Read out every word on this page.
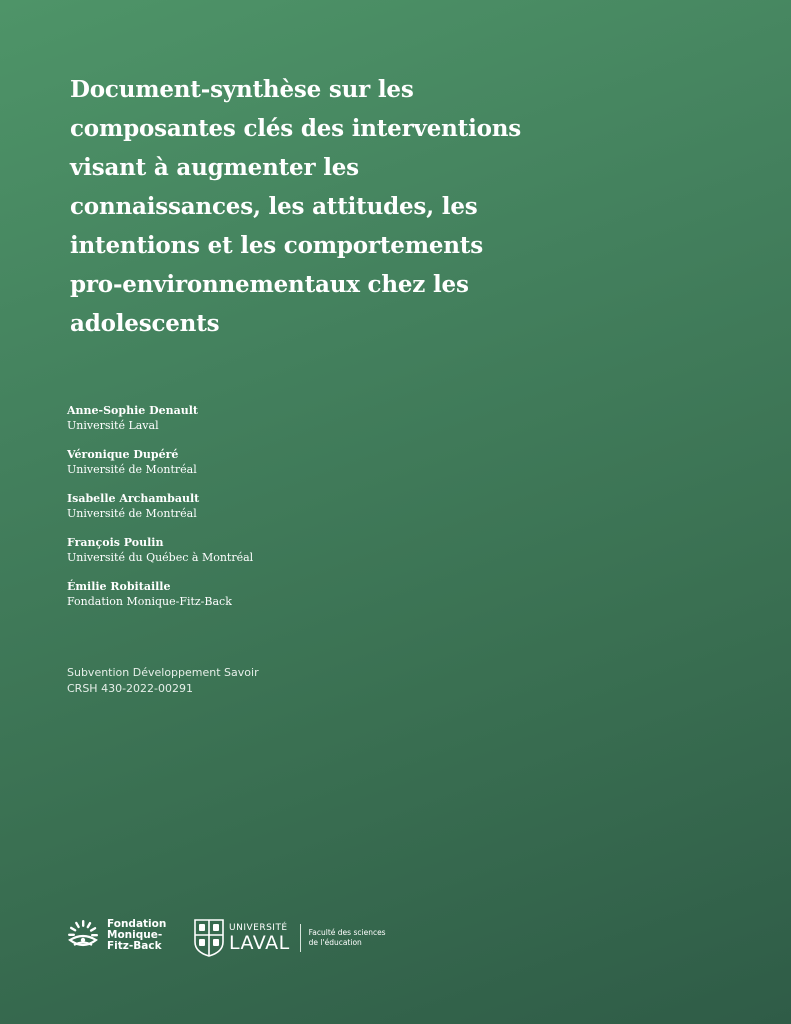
Document-synthèse sur les
composantes clés des interventions
visant à augmenter les
connaissances, les attitudes, les
intentions et les comportements
pro-environnementaux chez les
adolescents
Anne-Sophie Denault
Université Laval
Véronique Dupéré
Université de Montréal
Isabelle Archambault
Université de Montréal
François Poulin
Université du Québec à Montréal
Émilie Robitaille
Fondation Monique-Fitz-Back
Subvention Développement Savoir
CRSH 430-2022-00291
Fondation
Monique-
Fitz-Back
UNIVERSITÉ
LAVAL	Faculté des sciences
de l'éducation
